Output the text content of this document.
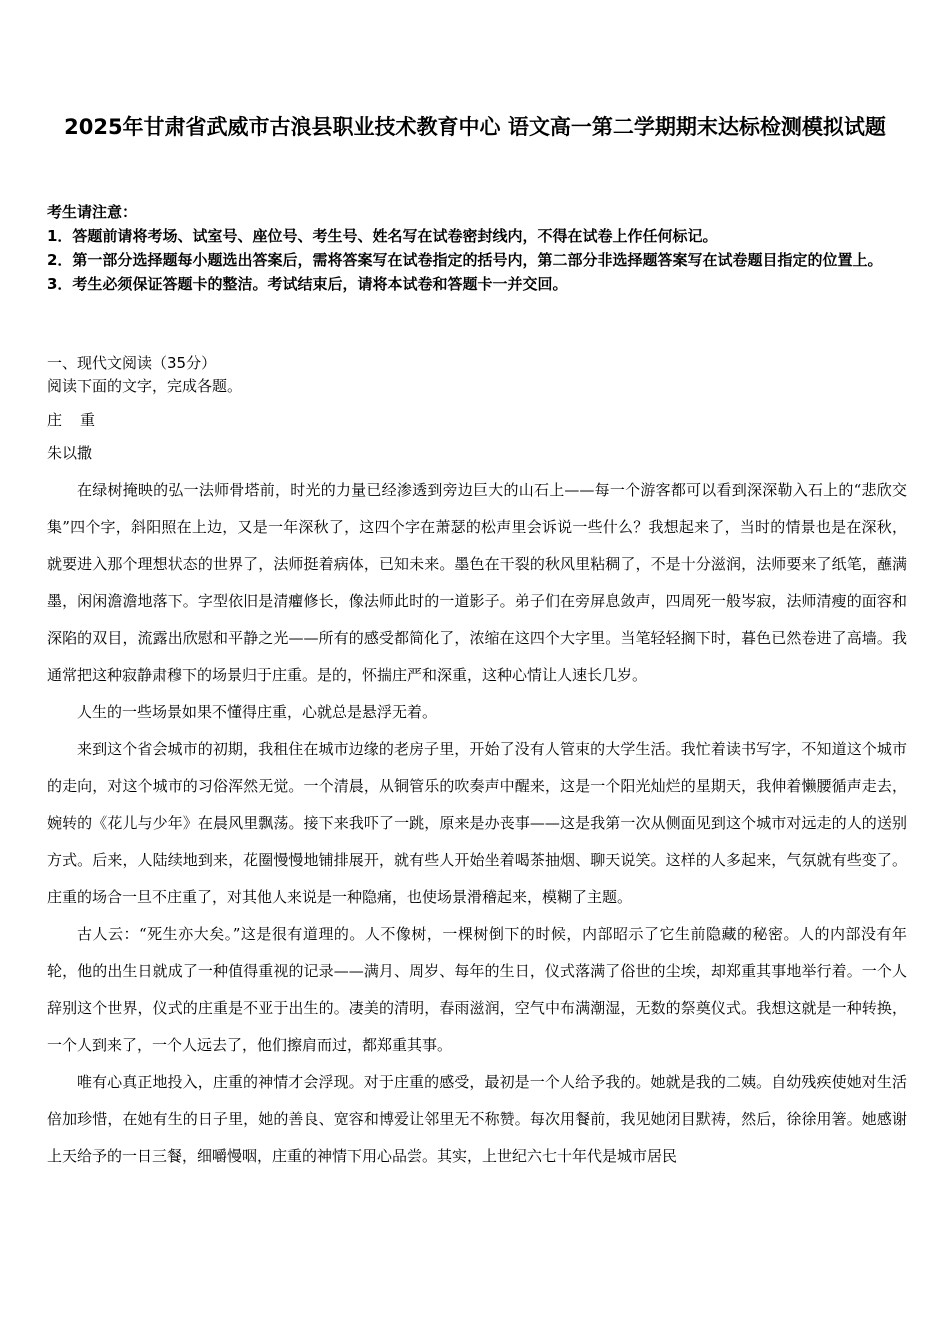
2025年甘肃省武威市古浪县职业技术教育中心 语文高一第二学期期末达标检测模拟试题

考生请注意：

1．答题前请将考场、试室号、座位号、考生号、姓名写在试卷密封线内，不得在试卷上作任何标记。

2．第一部分选择题每小题选出答案后，需将答案写在试卷指定的括号内，第二部分非选择题答案写在试卷题目指定的位置上。

3．考生必须保证答题卡的整洁。考试结束后，请将本试卷和答题卡一并交回。

一、现代文阅读（35分）

阅读下面的文字，完成各题。

庄重

朱以撒

在绿树掩映的弘一法师骨塔前，时光的力量已经渗透到旁边巨大的山石上——每一个游客都可以看到深深勒入石上的“悲欣交集”四个字，斜阳照在上边，又是一年深秋了，这四个字在萧瑟的松声里会诉说一些什么？我想起来了，当时的情景也是在深秋，就要进入那个理想状态的世界了，法师挺着病体，已知未来。墨色在干裂的秋风里粘稠了，不是十分滋润，法师要来了纸笔，蘸满墨，闲闲澹澹地落下。字型依旧是清癯修长，像法师此时的一道影子。弟子们在旁屏息敛声，四周死一般岑寂，法师清瘦的面容和深陷的双目，流露出欣慰和平静之光——所有的感受都简化了，浓缩在这四个大字里。当笔轻轻搁下时，暮色已然卷进了高墙。我通常把这种寂静肃穆下的场景归于庄重。是的，怀揣庄严和深重，这种心情让人速长几岁。

人生的一些场景如果不懂得庄重，心就总是悬浮无着。

来到这个省会城市的初期，我租住在城市边缘的老房子里，开始了没有人管束的大学生活。我忙着读书写字，不知道这个城市的走向，对这个城市的习俗浑然无觉。一个清晨，从铜管乐的吹奏声中醒来，这是一个阳光灿烂的星期天，我伸着懒腰循声走去，婉转的《花儿与少年》在晨风里飘荡。接下来我吓了一跳，原来是办丧事——这是我第一次从侧面见到这个城市对远走的人的送别方式。后来，人陆续地到来，花圈慢慢地铺排展开，就有些人开始坐着喝茶抽烟、聊天说笑。这样的人多起来，气氛就有些变了。庄重的场合一旦不庄重了，对其他人来说是一种隐痛，也使场景滑稽起来，模糊了主题。

古人云：“死生亦大矣。”这是很有道理的。人不像树，一棵树倒下的时候，内部昭示了它生前隐藏的秘密。人的内部没有年轮，他的出生日就成了一种值得重视的记录——满月、周岁、每年的生日，仪式落满了俗世的尘埃，却郑重其事地举行着。一个人辞别这个世界，仪式的庄重是不亚于出生的。凄美的清明，春雨滋润，空气中布满潮湿，无数的祭奠仪式。我想这就是一种转换，一个人到来了，一个人远去了，他们擦肩而过，都郑重其事。

唯有心真正地投入，庄重的神情才会浮现。对于庄重的感受，最初是一个人给予我的。她就是我的二姨。自幼残疾使她对生活倍加珍惜，在她有生的日子里，她的善良、宽容和博爱让邻里无不称赞。每次用餐前，我见她闭目默祷，然后，徐徐用箸。她感谢上天给予的一日三餐，细嚼慢咽，庄重的神情下用心品尝。其实，上世纪六七十年代是城市居民
